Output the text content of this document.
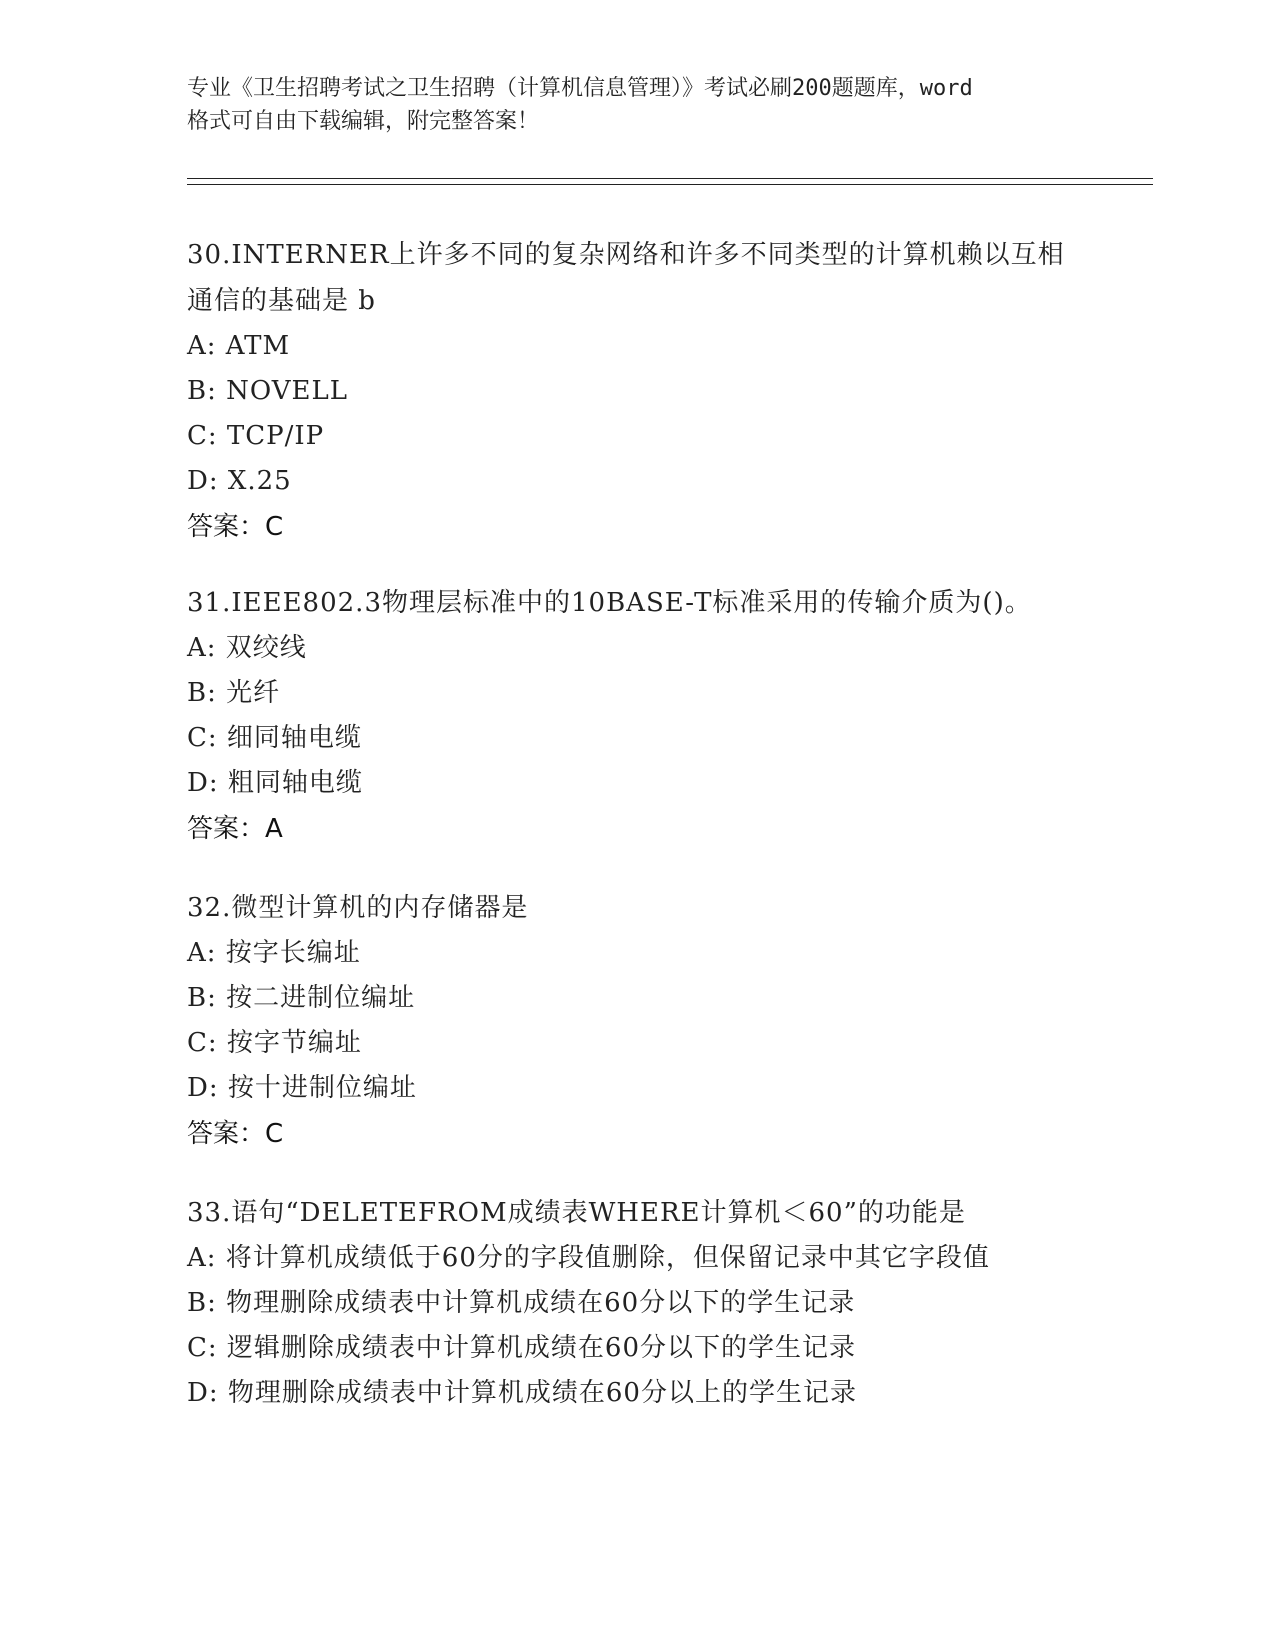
专业《卫生招聘考试之卫生招聘（计算机信息管理）》考试必刷200题题库，word
格式可自由下载编辑，附完整答案！
30.INTERNER上许多不同的复杂网络和许多不同类型的计算机赖以互相
通信的基础是 b
A: ATM
B: NOVELL
C: TCP/IP
D: X.25
答案：C
31.IEEE802.3物理层标准中的10BASE-T标准采用的传输介质为()。
A: 双绞线
B: 光纤
C: 细同轴电缆
D: 粗同轴电缆
答案：A
32.微型计算机的内存储器是
A: 按字长编址
B: 按二进制位编址
C: 按字节编址
D: 按十进制位编址
答案：C
33.语句“DELETEFROM成绩表WHERE计算机＜60”的功能是
A: 将计算机成绩低于60分的字段值删除，但保留记录中其它字段值
B: 物理删除成绩表中计算机成绩在60分以下的学生记录
C: 逻辑删除成绩表中计算机成绩在60分以下的学生记录
D: 物理删除成绩表中计算机成绩在60分以上的学生记录
